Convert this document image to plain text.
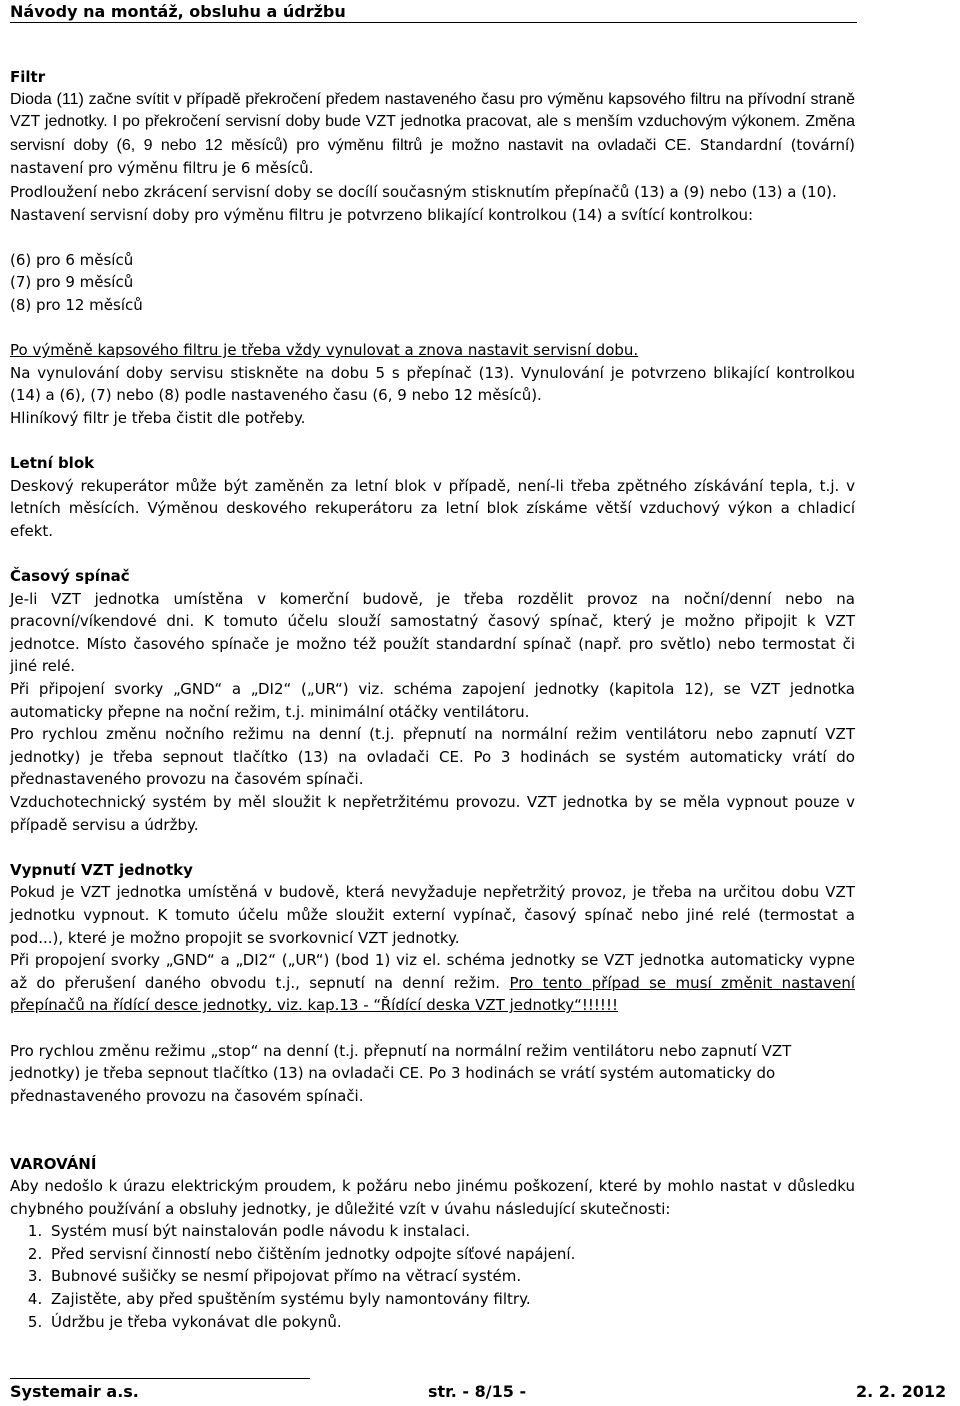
Návody na montáž, obsluhu a údržbu

Filtr

Dioda (11) začne svítit v případě překročení předem nastaveného času pro výměnu kapsového filtru na přívodní straně VZT jednotky. I po překročení servisní doby bude VZT jednotka pracovat, ale s menším vzduchovým výkonem. Změna servisní doby (6, 9 nebo 12 měsíců) pro výměnu filtrů je možno nastavit na ovladači CE. Standardní (tovární) nastavení pro výměnu filtru je 6 měsíců.

Prodloužení nebo zkrácení servisní doby se docílí současným stisknutím přepínačů (13) a (9) nebo (13) a (10).

Nastavení servisní doby pro výměnu filtru je potvrzeno blikající kontrolkou (14) a svítící kontrolkou:

(6) pro 6 měsíců

(7) pro 9 měsíců

(8) pro 12 měsíců

Po výměně kapsového filtru je třeba vždy vynulovat a znova nastavit servisní dobu.

Na vynulování doby servisu stiskněte na dobu 5 s přepínač (13). Vynulování je potvrzeno blikající kontrolkou (14) a (6), (7) nebo (8) podle nastaveného času (6, 9 nebo 12 měsíců).

Hliníkový filtr je třeba čistit dle potřeby.

Letní blok

Deskový rekuperátor může být zaměněn za letní blok v případě, není-li třeba zpětného získávání tepla, t.j. v letních měsících. Výměnou deskového rekuperátoru za letní blok získáme větší vzduchový výkon a chladicí efekt.

Časový spínač

Je-li VZT jednotka umístěna v komerční budově, je třeba rozdělit provoz na noční/denní nebo na pracovní/víkendové dni. K tomuto účelu slouží samostatný časový spínač, který je možno připojit k VZT jednotce. Místo časového spínače je možno též použít standardní spínač (např. pro světlo) nebo termostat či jiné relé.

Při připojení svorky „GND“ a „DI2“ („UR“) viz. schéma zapojení jednotky (kapitola 12), se VZT jednotka automaticky přepne na noční režim, t.j. minimální otáčky ventilátoru.

Pro rychlou změnu nočního režimu na denní (t.j. přepnutí na normální režim ventilátoru nebo zapnutí VZT jednotky) je třeba sepnout tlačítko (13) na ovladači CE. Po 3 hodinách se systém automaticky vrátí do přednastaveného provozu na časovém spínači.

Vzduchotechnický systém by měl sloužit k nepřetržitému provozu. VZT jednotka by se měla vypnout pouze v případě servisu a údržby.

Vypnutí VZT jednotky

Pokud je VZT jednotka umístěná v budově, která nevyžaduje nepřetržitý provoz, je třeba na určitou dobu VZT jednotku vypnout. K tomuto účelu může sloužit externí vypínač, časový spínač nebo jiné relé (termostat a pod...), které je možno propojit se svorkovnicí VZT jednotky.

Při propojení svorky „GND“ a „DI2“ („UR“) (bod 1) viz el. schéma jednotky se VZT jednotka automaticky vypne až do přerušení daného obvodu t.j., sepnutí na denní režim. Pro tento případ se musí změnit nastavení přepínačů na řídící desce jednotky, viz. kap.13 - “Řídící deska VZT jednotky“!!!!!!

Pro rychlou změnu režimu „stop“ na denní (t.j. přepnutí na normální režim ventilátoru nebo zapnutí VZT jednotky) je třeba sepnout tlačítko (13) na ovladači CE. Po 3 hodinách se vrátí systém automaticky do přednastaveného provozu na časovém spínači.

VAROVÁNÍ

Aby nedošlo k úrazu elektrickým proudem, k požáru nebo jinému poškození, které by mohlo nastat v důsledku chybného používání a obsluhy jednotky, je důležité vzít v úvahu následující skutečnosti:

1. Systém musí být nainstalován podle návodu k instalaci.
2. Před servisní činností nebo čištěním jednotky odpojte síťové napájení.
3. Bubnové sušičky se nesmí připojovat přímo na větrací systém.
4. Zajistěte, aby před spuštěním systému byly namontovány filtry.
5. Údržbu je třeba vykonávat dle pokynů.
Systemair a.s.	str. - 8/15 -	2. 2. 2012
